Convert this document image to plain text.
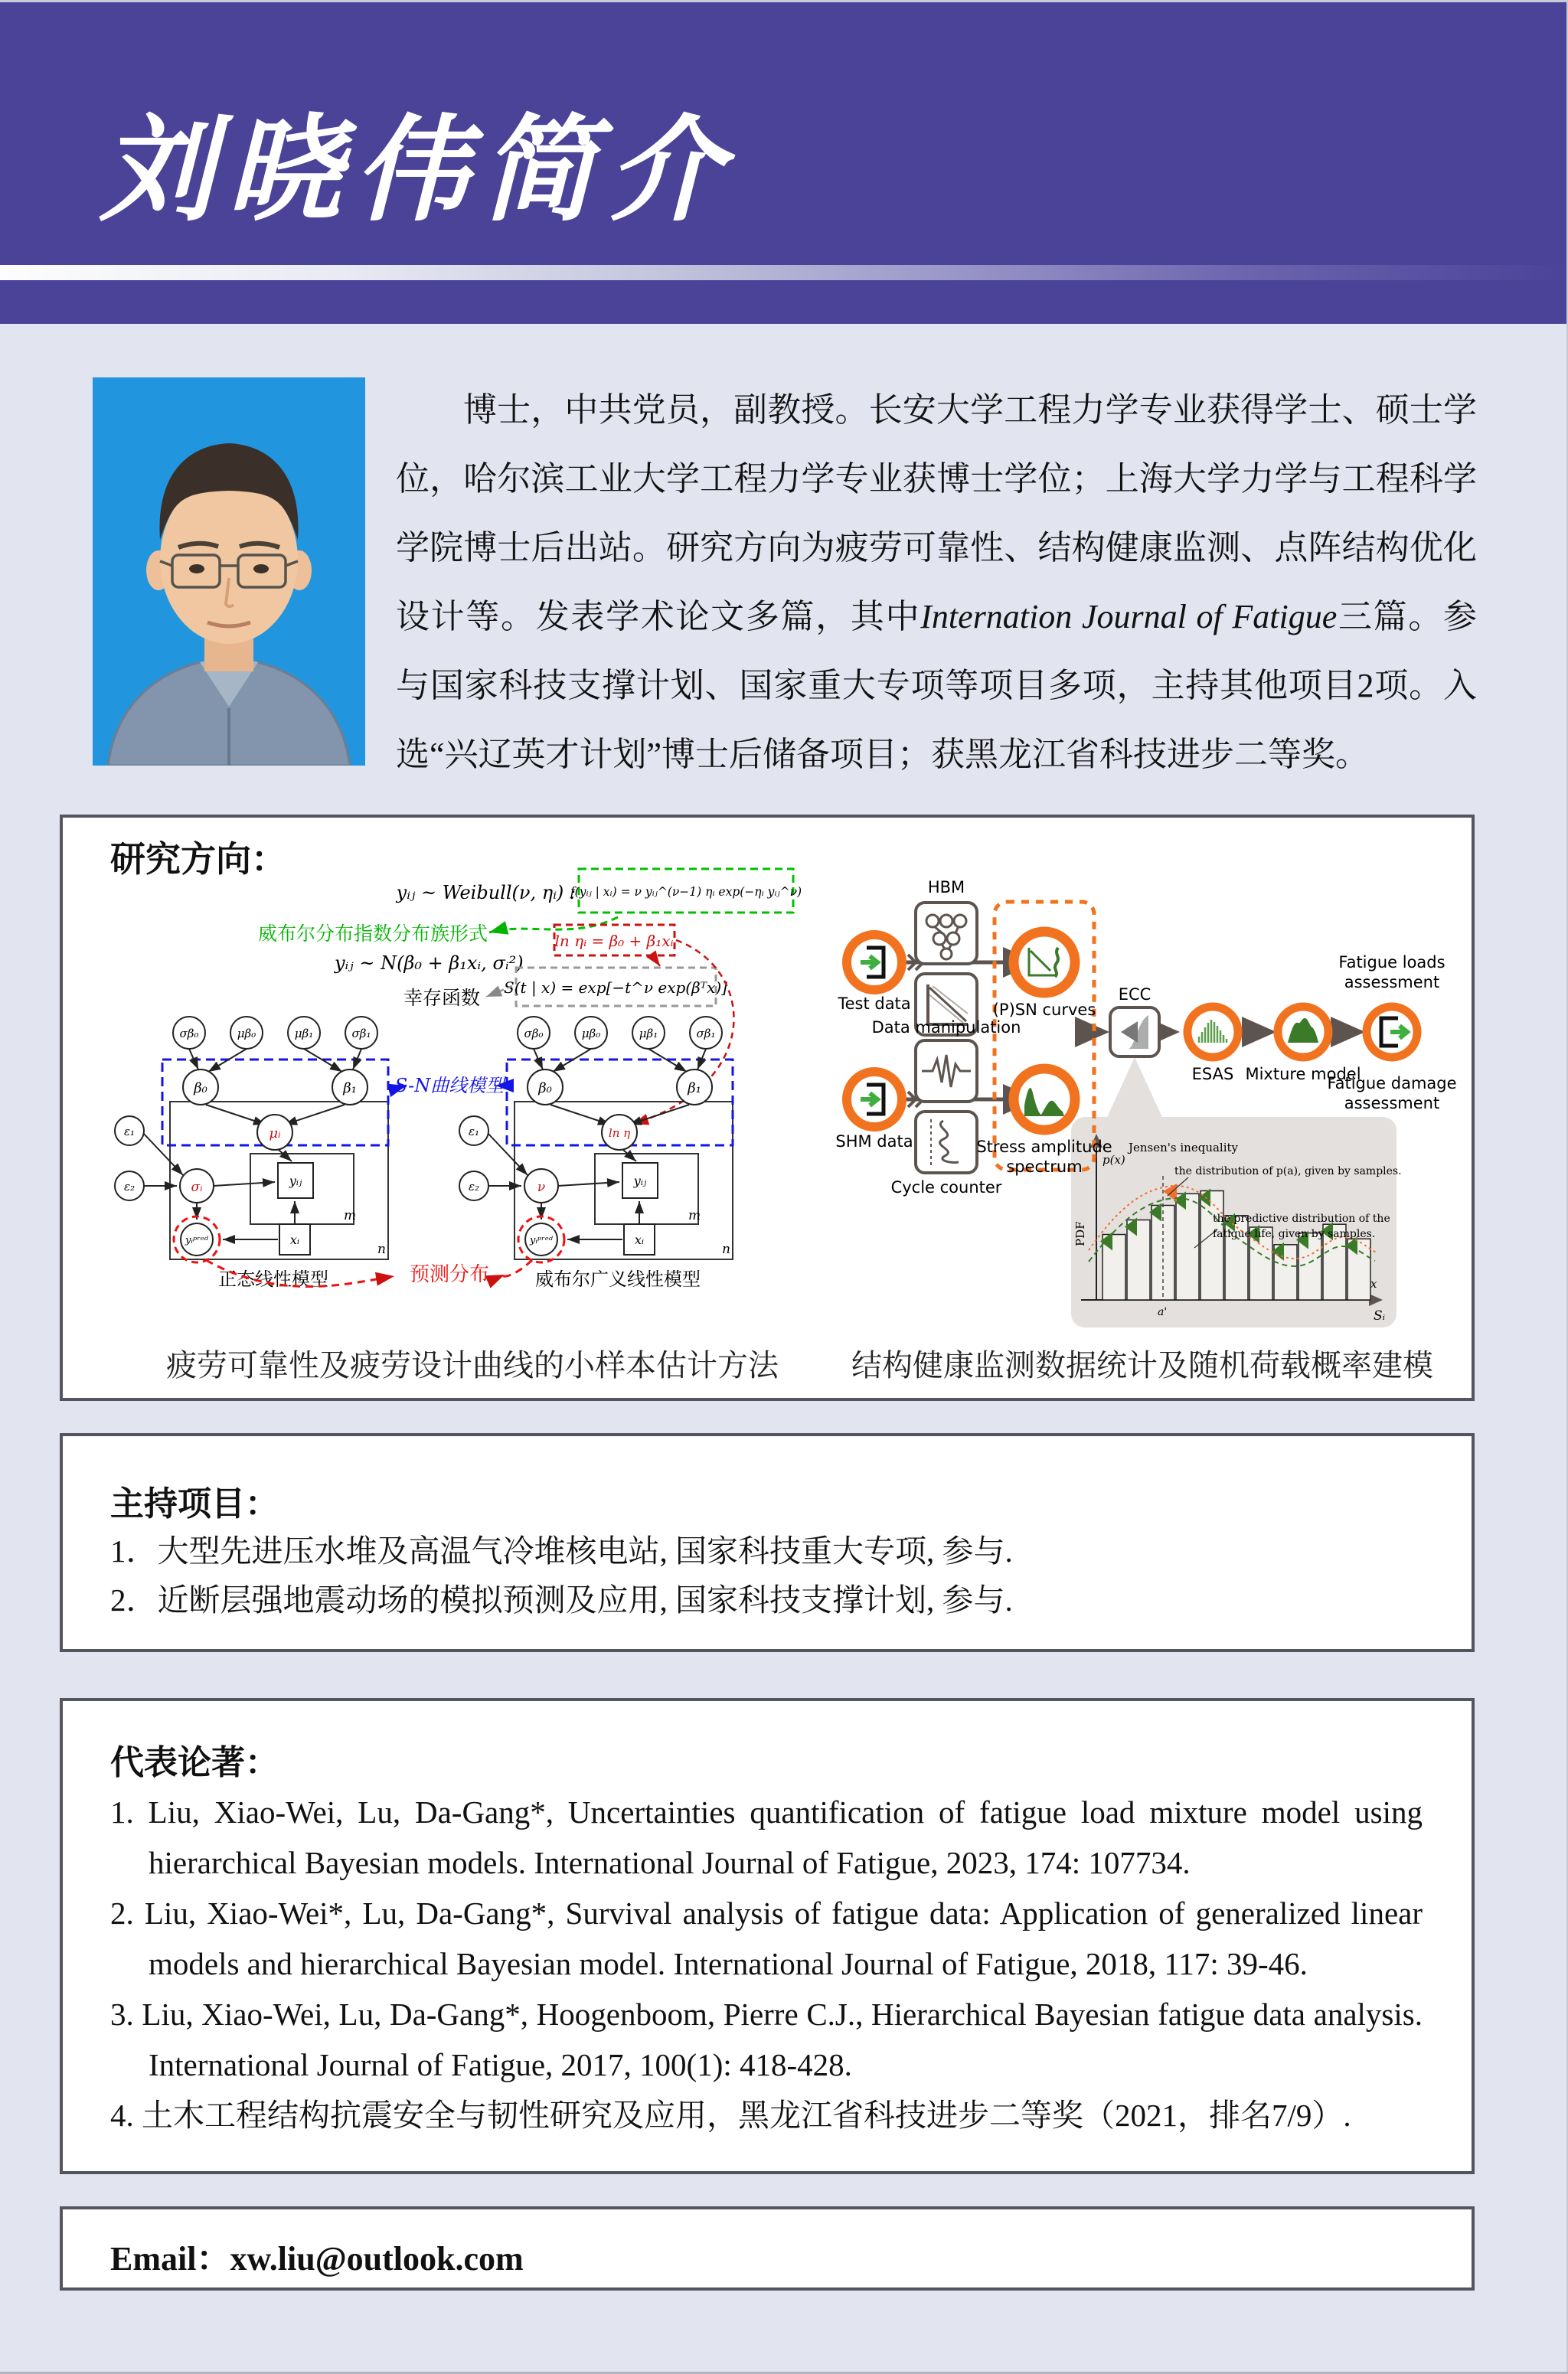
刘晓伟简介

博士，中共党员，副教授。长安大学工程力学专业获得学士、硕士学位，哈尔滨工业大学工程力学专业获博士学位；上海大学力学与工程科学学院博士后出站。研究方向为疲劳可靠性、结构健康监测、点阵结构优化设计等。发表学术论文多篇，其中Internation Journal of Fatigue三篇。参与国家科技支撑计划、国家重大专项等项目多项，主持其他项目2项。入选“兴辽英才计划”博士后储备项目；获黑龙江省科技进步二等奖。

研究方向：
yᵢⱼ ~ Weibull(ν, ηᵢ) :
f(yᵢⱼ | xᵢ) = ν yᵢⱼ^(ν−1) ηᵢ exp(−ηᵢ yᵢⱼ^ν)
威布尔分布指数分布族形式
yᵢⱼ ~ N(β₀ + β₁xᵢ, σᵢ²)
ln ηᵢ = β₀ + β₁xᵢ
S(t | x) = exp[−t^ν exp(βᵀx)]
幸存函数
n
m
σβ₀	μβ₀	μβ₁	σβ₁
β₀	β₁
μᵢ
ε₁
ε₂	σᵢ	yᵢⱼ
xᵢ
yᵢᵖʳᵉᵈ
正态线性模型
n
m
σβ₀	μβ₀	μβ₁	σβ₁
β₀	β₁
ln η
ε₁
ε₂	ν	yᵢⱼ
xᵢ
yᵢᵖʳᵉᵈ
威布尔广义线性模型
S-N曲线模型
预测分布
PDF
p(x)
Jensen's inequality
the distribution of p(a), given by samples.
the predictive distribution of the
fatigue life, given by samples.
a'
x
Sᵢ
Test data
HBM
(P)SN curves
SHM data
Data manipulation
Cycle counter
Stress amplitude
spectrum
ECC
ESAS Mixture model
Fatigue loads
assessment
Fatigue damage
assessment
疲劳可靠性及疲劳设计曲线的小样本估计方法	结构健康监测数据统计及随机荷载概率建模
主持项目：

1．大型先进压水堆及高温气冷堆核电站, 国家科技重大专项, 参与.

2．近断层强地震动场的模拟预测及应用, 国家科技支撑计划, 参与.

代表论著：

1. Liu, Xiao-Wei, Lu, Da-Gang*, Uncertainties quantification of fatigue load mixture model using hierarchical Bayesian models. International Journal of Fatigue, 2023, 174: 107734.

2. Liu, Xiao-Wei*, Lu, Da-Gang*, Survival analysis of fatigue data: Application of generalized linear models and hierarchical Bayesian model. International Journal of Fatigue, 2018, 117: 39-46.

3. Liu, Xiao-Wei, Lu, Da-Gang*, Hoogenboom, Pierre C.J., Hierarchical Bayesian fatigue data analysis. International Journal of Fatigue, 2017, 100(1): 418-428.

4. 土木工程结构抗震安全与韧性研究及应用，黑龙江省科技进步二等奖（2021，排名7/9）.

Email：xw.liu@outlook.com
